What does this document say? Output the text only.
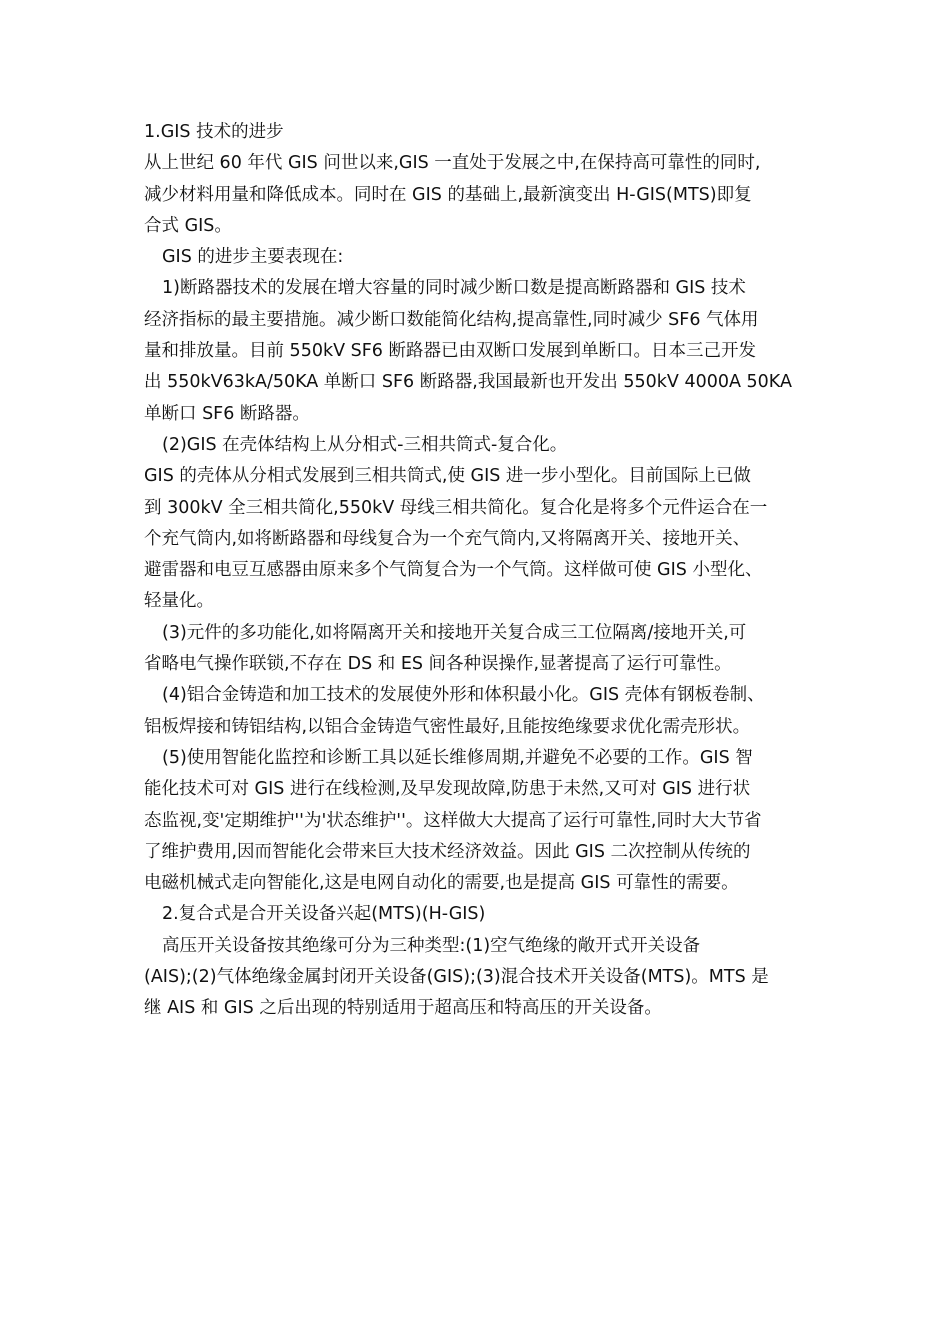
1.GIS 技术的进步
从上世纪 60 年代 GIS 问世以来,GIS 一直处于发展之中,在保持高可靠性的同时,
减少材料用量和降低成本。同时在 GIS 的基础上,最新演变出 H-GIS(MTS)即复
合式 GIS。
GIS 的进步主要表现在:
1)断路器技术的发展在增大容量的同时减少断口数是提高断路器和 GIS 技术
经济指标的最主要措施。减少断口数能简化结构,提高靠性,同时减少 SF6 气体用
量和排放量。目前 550kV SF6 断路器已由双断口发展到单断口。日本三己开发
出 550kV63kA/50KA 单断口 SF6 断路器,我国最新也开发出 550kV 4000A 50KA
单断口 SF6 断路器。
(2)GIS 在壳体结构上从分相式-三相共筒式-复合化。
GIS 的壳体从分相式发展到三相共筒式,使 GIS 进一步小型化。目前国际上已做
到 300kV 全三相共简化,550kV 母线三相共简化。复合化是将多个元件运合在一
个充气筒内,如将断路器和母线复合为一个充气筒内,又将隔离开关、接地开关、
避雷器和电豆互感器由原来多个气筒复合为一个气筒。这样做可使 GIS 小型化、
轻量化。
(3)元件的多功能化,如将隔离开关和接地开关复合成三工位隔离/接地开关,可
省略电气操作联锁,不存在 DS 和 ES 间各种误操作,显著提高了运行可靠性。
(4)铝合金铸造和加工技术的发展使外形和体积最小化。GIS 壳体有钢板卷制、
铝板焊接和铸铝结构,以铝合金铸造气密性最好,且能按绝缘要求优化需壳形状。
(5)使用智能化监控和诊断工具以延长维修周期,并避免不必要的工作。GIS 智
能化技术可对 GIS 进行在线检测,及早发现故障,防患于未然,又可对 GIS 进行状
态监视,变'定期维护''为'状态维护''。这样做大大提高了运行可靠性,同时大大节省
了维护费用,因而智能化会带来巨大技术经济效益。因此 GIS 二次控制从传统的
电磁机械式走向智能化,这是电网自动化的需要,也是提高 GIS 可靠性的需要。
2.复合式是合开关设备兴起(MTS)(H-GIS)
高压开关设备按其绝缘可分为三种类型:(1)空气绝缘的敞开式开关设备
(AIS);(2)气体绝缘金属封闭开关设备(GIS);(3)混合技术开关设备(MTS)。MTS 是
继 AIS 和 GIS 之后出现的特别适用于超高压和特高压的开关设备。
